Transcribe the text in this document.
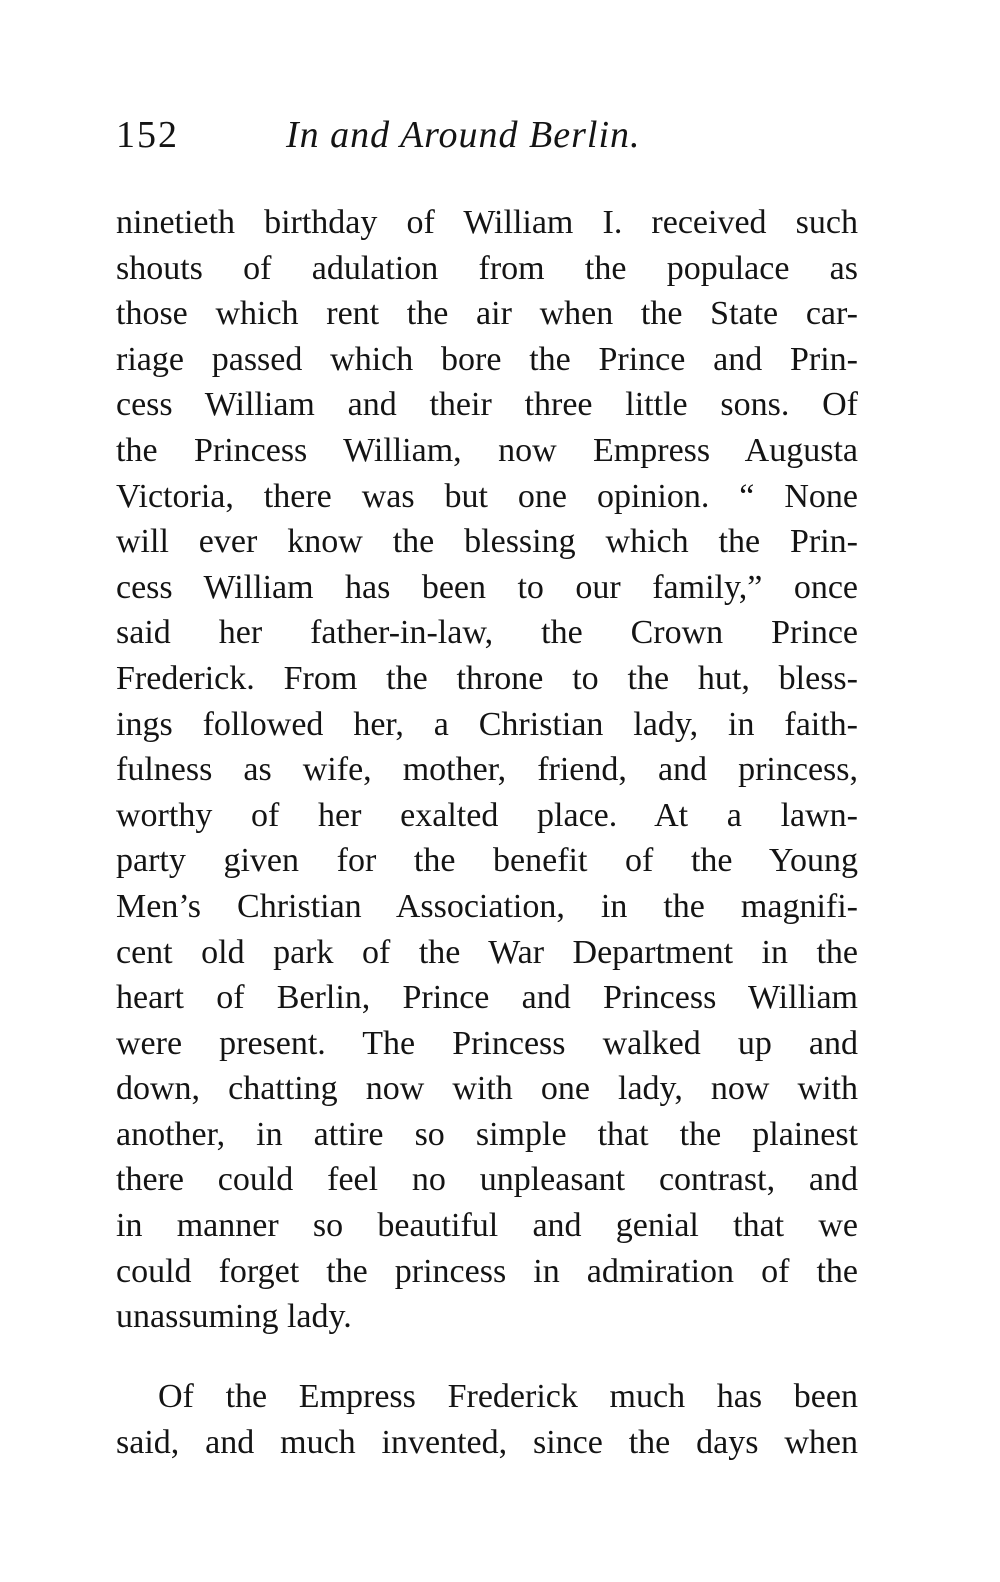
152	In and Around Berlin.
ninetieth birthday of William I. received such
shouts of adulation from the populace as
those which rent the air when the State car-
riage passed which bore the Prince and Prin-
cess William and their three little sons. Of
the Princess William, now Empress Augusta
Victoria, there was but one opinion. “ None
will ever know the blessing which the Prin-
cess William has been to our family,” once
said her father-in-law, the Crown Prince
Frederick. From the throne to the hut, bless-
ings followed her, a Christian lady, in faith-
fulness as wife, mother, friend, and princess,
worthy of her exalted place. At a lawn-
party given for the benefit of the Young
Men’s Christian Association, in the magnifi-
cent old park of the War Department in the
heart of Berlin, Prince and Princess William
were present. The Princess walked up and
down, chatting now with one lady, now with
another, in attire so simple that the plainest
there could feel no unpleasant contrast, and
in manner so beautiful and genial that we
could forget the princess in admiration of the
unassuming lady.
Of the Empress Frederick much has been
said, and much invented, since the days when
